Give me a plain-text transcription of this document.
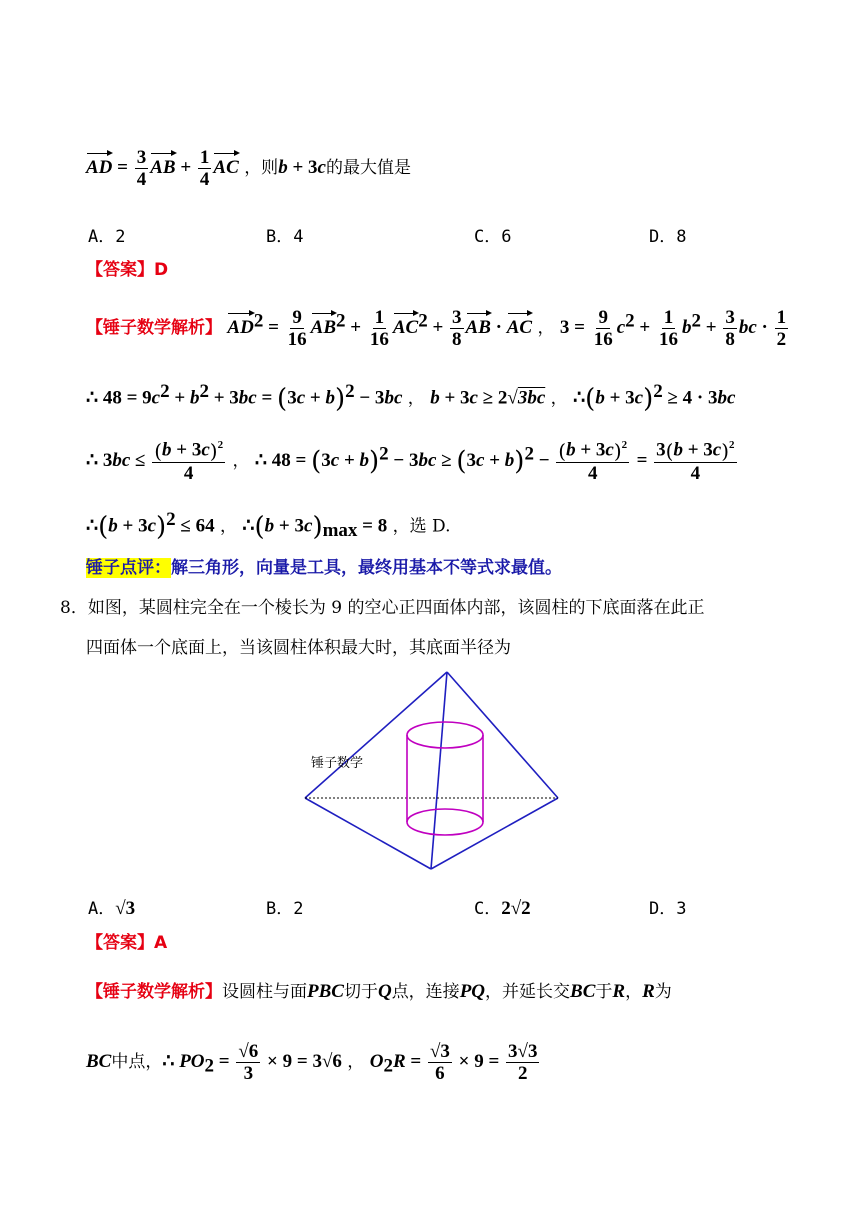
AD = $\frac{3}{4}$ AB + $\frac{1}{4}$ AC ，则b + 3c的最大值是
A．2	B．4	C．6	D．8
【答案】D
【锤子数学解析】 $AD^2 = \frac{9}{16} AB^2 + \frac{1}{16} AC^2 + \frac{3}{8}$ AB · AC ， $3 = \frac{9}{16} c^2 + \frac{1}{16} b^2 + \frac{3}{8}$ bc · $\frac{1}{2}$
∴ $48 = 9c^2 + b^2 + 3bc = (3c + b)^2 - 3bc$ ， b + 3c ≥ 2√3bc ， ∴(b + 3c)$^2$ ≥ 4 · 3bc
∴ $3bc \le \frac{(b + 3c)^2}{4}$ ， ∴ $48 = (3c + b)^2 - 3bc \ge (3c + b)^2 - \frac{(b + 3c)^2}{4} = \frac{3(b + 3c)^2}{4}$
∴(b + 3c)$^2$ ≤ 64 ， ∴(b + $3c)_{max} = 8$ ，选 D.
锤子点评：解三角形，向量是工具，最终用基本不等式求最值。
8．如图，某圆柱完全在一个棱长为 9 的空心正四面体内部，该圆柱的下底面落在此正
四面体一个底面上，当该圆柱体积最大时，其底面半径为
锤子数学
A．√3	B．2	C．2√2	D．3
【答案】A
【锤子数学解析】设圆柱与面PBC切于Q点，连接PQ，并延长交BC于R，R为
BC中点，∴ $PO_2 = \frac{√6}{3} \times 9 = 3√6$ ， $O_2R = \frac{√3}{6} \times 9 = \frac{3√3}{2}$
